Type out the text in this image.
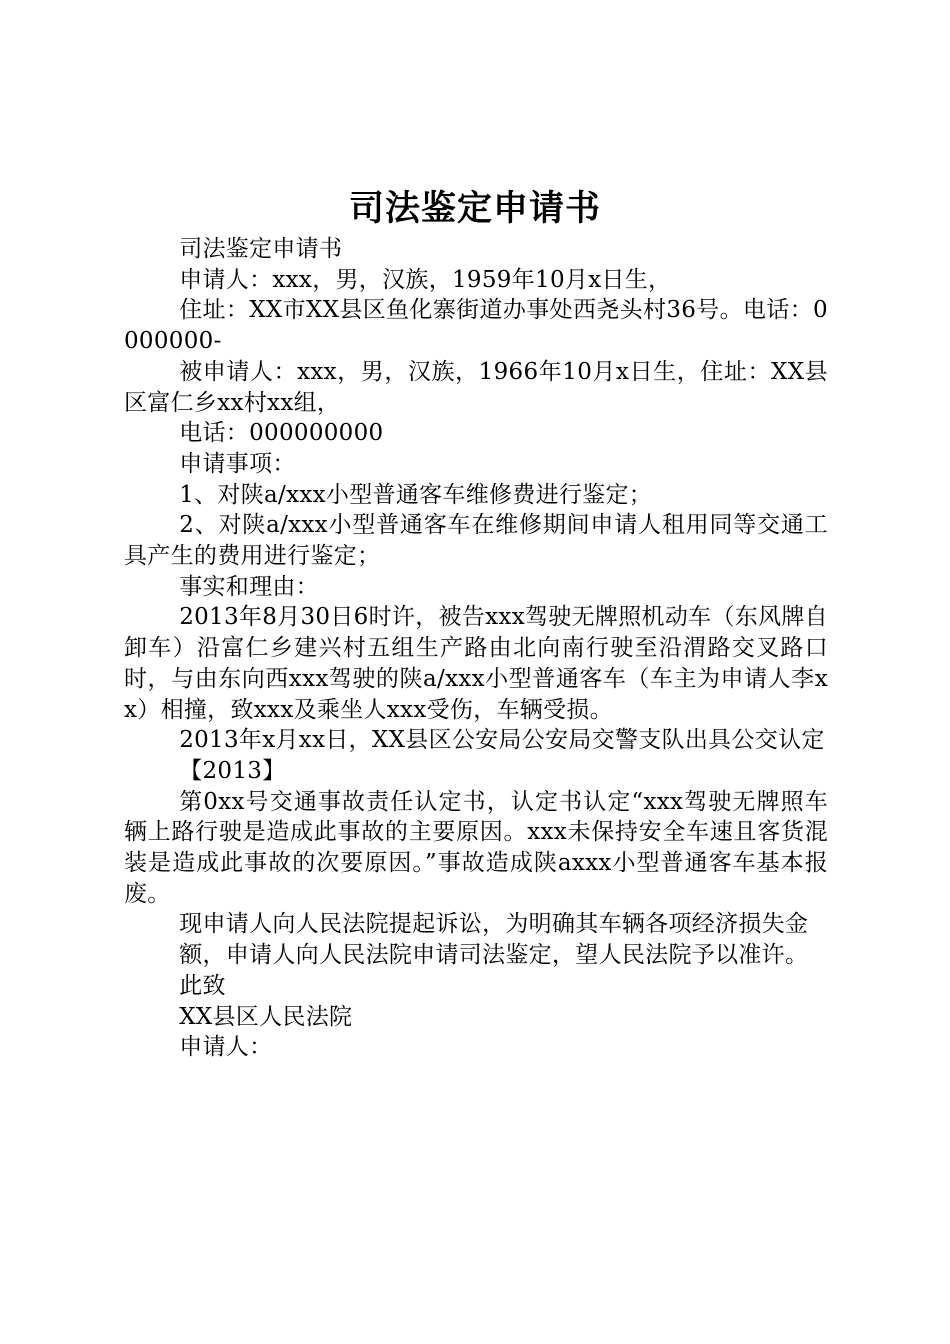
司法鉴定申请书

司法鉴定申请书

申请人：xxx，男，汉族，1959年10月x日生，

住址：XX市XX县区鱼化寨街道办事处西尧头村36号。电话：0000000-

被申请人：xxx，男，汉族，1966年10月x日生，住址：XX县区富仁乡xx村xx组，

电话：000000000

申请事项：

1、对陕a/xxx小型普通客车维修费进行鉴定；

2、对陕a/xxx小型普通客车在维修期间申请人租用同等交通工具产生的费用进行鉴定；

事实和理由：

2013年8月30日6时许，被告xxx驾驶无牌照机动车（东风牌自卸车）沿富仁乡建兴村五组生产路由北向南行驶至沿渭路交叉路口时，与由东向西xxx驾驶的陕a/xxx小型普通客车（车主为申请人李xx）相撞，致xxx及乘坐人xxx受伤，车辆受损。

2013年x月xx日，XX县区公安局公安局交警支队出具公交认定

【2013】

第0xx号交通事故责任认定书，认定书认定“xxx驾驶无牌照车辆上路行驶是造成此事故的主要原因。xxx未保持安全车速且客货混装是造成此事故的次要原因。”事故造成陕axxx小型普通客车基本报废。

现申请人向人民法院提起诉讼，为明确其车辆各项经济损失金

额，申请人向人民法院申请司法鉴定，望人民法院予以准许。

此致

XX县区人民法院

申请人：
